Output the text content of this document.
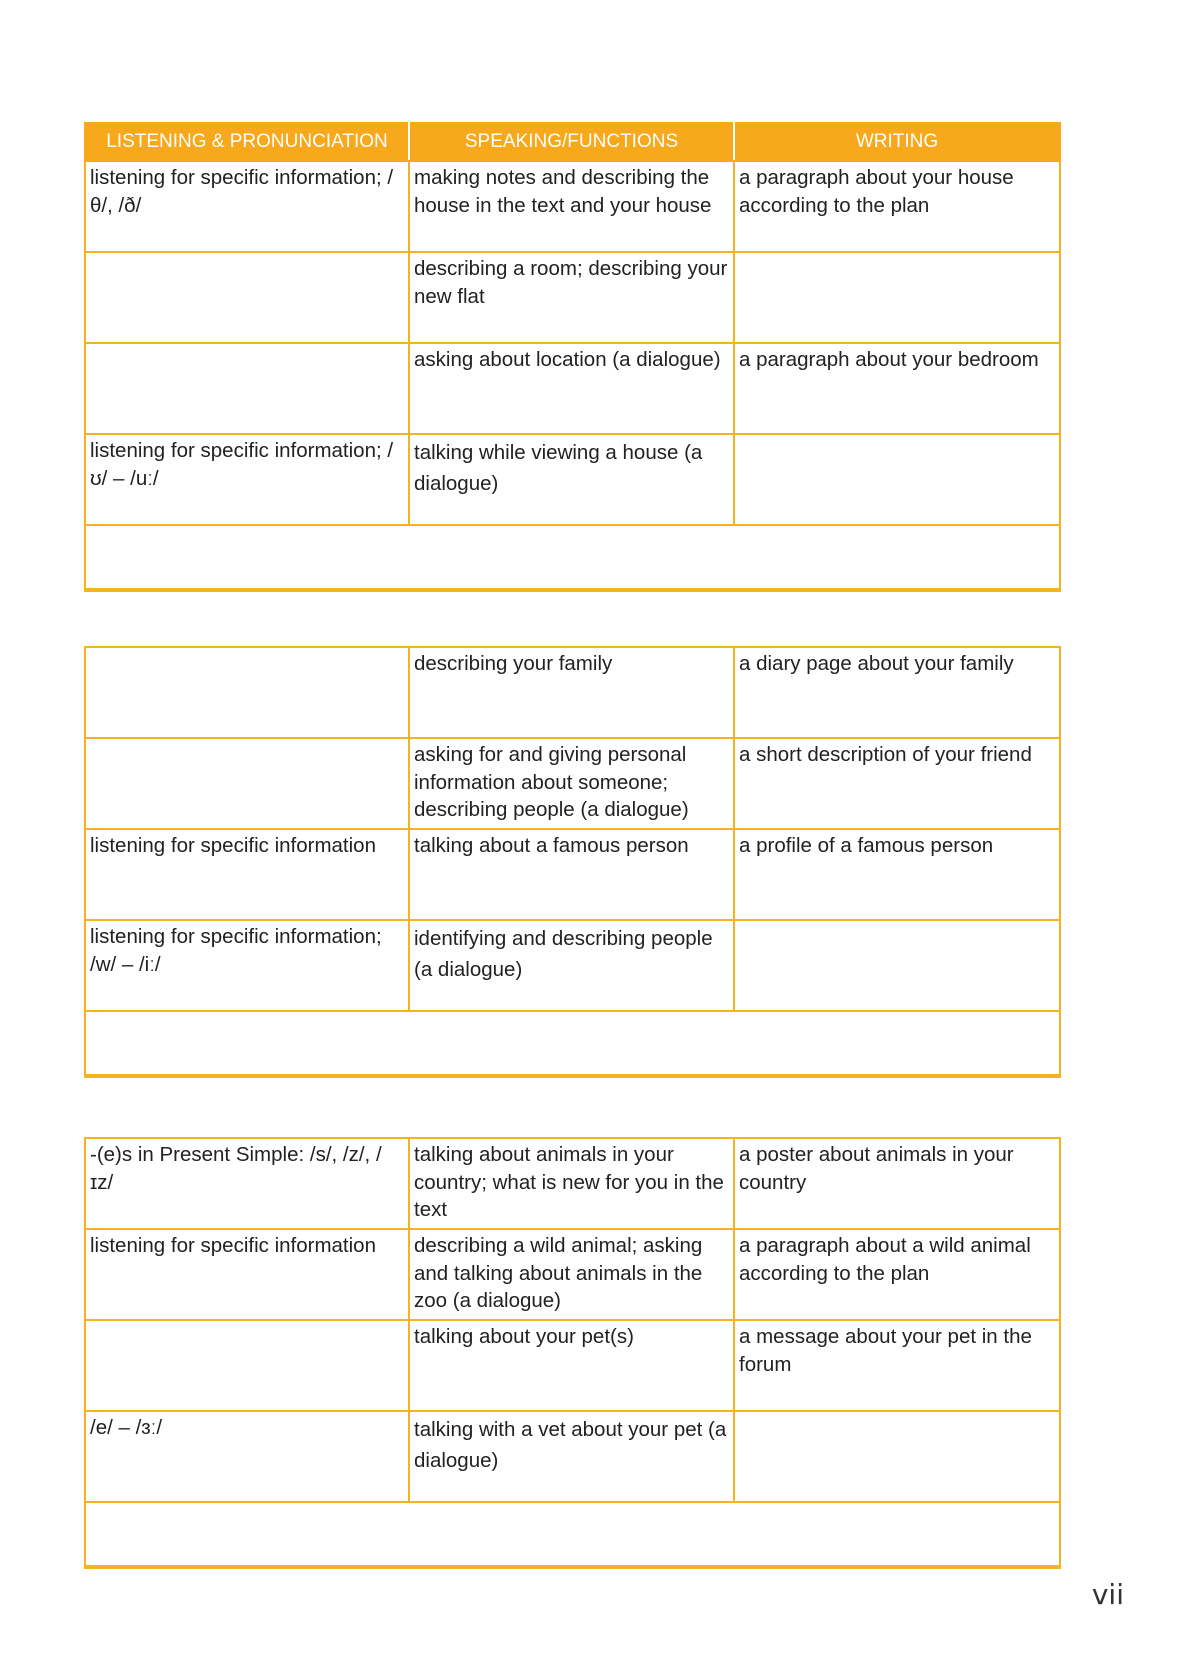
LISTENING & PRONUNCIATION	SPEAKING/FUNCTIONS	WRITING
listening for specific information; /θ/, /ð/	making notes and describing the house in the text and your house	a paragraph about your house according to the plan
	describing a room; describing your new flat	
	asking about location (a dialogue)	a paragraph about your bedroom
listening for specific information; /ʊ/ – /uː/	talking while viewing a house (a dialogue)	

	describing your family	a diary page about your family
	asking for and giving personal information about someone; describing people (a dialogue)	a short description of your friend
listening for specific information	talking about a famous person	a profile of a famous person
listening for specific information; /w/ – /iː/	identifying and describing people (a dialogue)	

-(e)s in Present Simple: /s/, /z/, /ɪz/	talking about animals in your country; what is new for you in the text	a poster about animals in your country
listening for specific information	describing a wild animal; asking and talking about animals in the zoo (a dialogue)	a paragraph about a wild animal according to the plan
	talking about your pet(s)	a message about your pet in the forum
/e/ – /ɜː/	talking with a vet about your pet (a dialogue)	

vii
